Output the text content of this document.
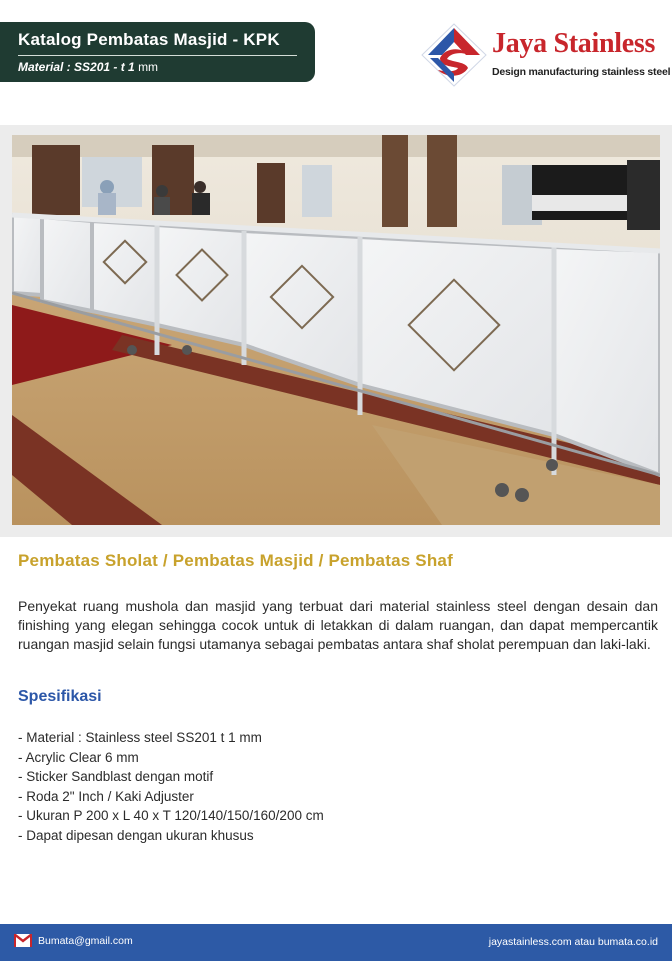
Katalog Pembatas Masjid - KPK
Material : SS201 - t 1 mm
Jaya Stainless
Design manufacturing stainless steel
Pembatas Sholat / Pembatas Masjid / Pembatas Shaf

Penyekat ruang mushola dan masjid yang terbuat dari material stainless steel dengan desain dan finishing yang elegan sehingga cocok untuk di letakkan di dalam ruangan, dan dapat mempercantik ruangan masjid selain fungsi utamanya sebagai pembatas antara shaf sholat perempuan dan laki-laki.

Spesifikasi
- Material : Stainless steel SS201 t 1 mm
- Acrylic Clear 6 mm
- Sticker Sandblast dengan motif
- Roda 2" Inch / Kaki Adjuster
- Ukuran P 200 x L 40 x T 120/140/150/160/200 cm
- Dapat dipesan dengan ukuran khusus
Bumata@gmail.com	jayastainless.com atau bumata.co.id
